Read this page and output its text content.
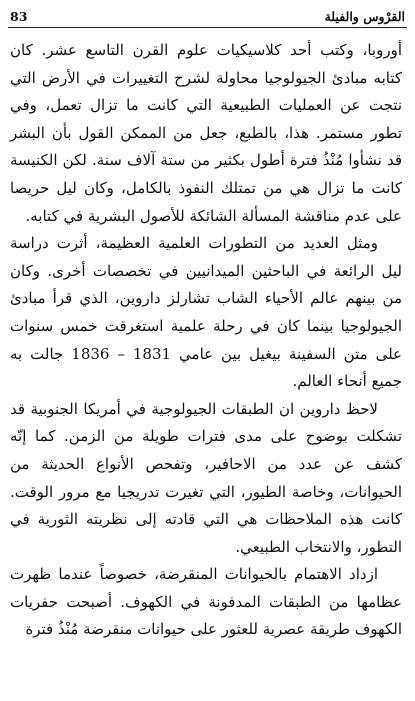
القرْوس والفيلة
83

أوروبا، وكتب أحد كلاسيكيات علوم القرن التاسع عشر. كان كتابه مبادئ الجيولوجيا محاولة لشرح التغييرات في الأرض التي نتجت عن العمليات الطبيعية التي كانت ما تزال تعمل، وفي تطور مستمر. هذا، بالطبع، جعل من الممكن القول بأن البشر قد نشأوا مُنْذُ فترة أطول بكثير من ستة آلاف سنة. لكن الكنيسة كانت ما تزال هي من تمتلك النفوذ بالكامل، وكان ليل حريصا على عدم مناقشة المسألة الشائكة للأصول البشرية في كتابه.

ومثل العديد من التطورات العلمية العظيمة، أثرت دراسة ليل الرائعة في الباحثين الميدانيين في تخصصات أخرى. وكان من بينهم عالم الأحياء الشاب تشارلز داروين، الذي قرأ مبادئ الجيولوجيا بينما كان في رحلة علمية استغرقت خمس سنوات على متن السفينة بيغيل بين عامي 1831 – 1836 جالت به جميع أنحاء العالم.

لاحظ داروين ان الطبقات الجيولوجية في أمريكا الجنوبية قد تشكلت بوضوح على مدى فترات طويلة من الزمن. كما إنّه كشف عن عدد من الاحافير، وتفحص الأنواع الحديثة من الحيوانات، وخاصة الطيور، التي تغيرت تدريجيا مع مرور الوقت. كانت هذه الملاحظات هي التي قادته إلى نظريته الثورية في التطور، والانتخاب الطبيعي.

ازداد الاهتمام بالحيوانات المنقرضة، خصوصاً عندما ظهرت عظامها من الطبقات المدفونة في الكهوف. أصبحت حفريات الكهوف طريقة عصرية للعثور على حيوانات منقرضة مُنْذُ فترة
